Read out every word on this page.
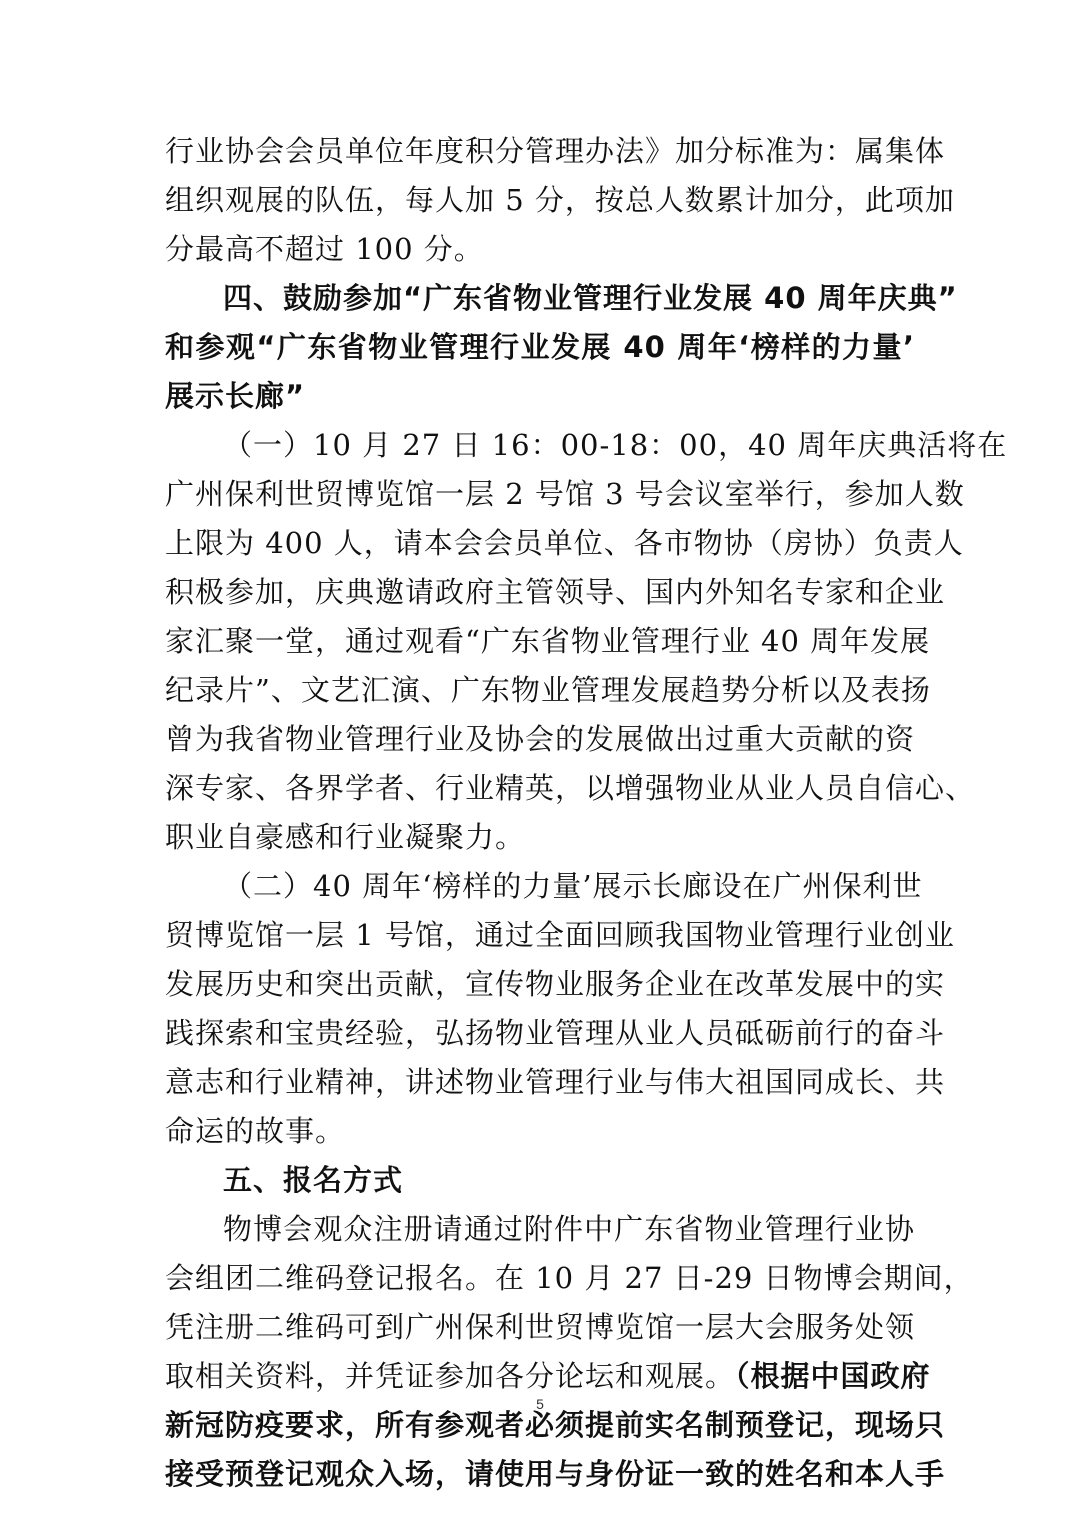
行业协会会员单位年度积分管理办法》加分标准为：属集体
组织观展的队伍，每人加 5 分，按总人数累计加分，此项加
分最高不超过 100 分。
四、鼓励参加“广东省物业管理行业发展 40 周年庆典”
和参观“广东省物业管理行业发展 40 周年‘榜样的力量’
展示长廊”
（一）10 月 27 日 16：00-18：00，40 周年庆典活将在
广州保利世贸博览馆一层 2 号馆 3 号会议室举行，参加人数
上限为 400 人，请本会会员单位、各市物协（房协）负责人
积极参加，庆典邀请政府主管领导、国内外知名专家和企业
家汇聚一堂，通过观看“广东省物业管理行业 40 周年发展
纪录片”、文艺汇演、广东物业管理发展趋势分析以及表扬
曾为我省物业管理行业及协会的发展做出过重大贡献的资
深专家、各界学者、行业精英，以增强物业从业人员自信心、
职业自豪感和行业凝聚力。
（二）40 周年‘榜样的力量’展示长廊设在广州保利世
贸博览馆一层 1 号馆，通过全面回顾我国物业管理行业创业
发展历史和突出贡献，宣传物业服务企业在改革发展中的实
践探索和宝贵经验，弘扬物业管理从业人员砥砺前行的奋斗
意志和行业精神，讲述物业管理行业与伟大祖国同成长、共
命运的故事。
五、报名方式
物博会观众注册请通过附件中广东省物业管理行业协
会组团二维码登记报名。在 10 月 27 日-29 日物博会期间，
凭注册二维码可到广州保利世贸博览馆一层大会服务处领
取相关资料，并凭证参加各分论坛和观展。（根据中国政府
新冠防疫要求，所有参观者必须提前实名制预登记，现场只
接受预登记观众入场，请使用与身份证一致的姓名和本人手
5
